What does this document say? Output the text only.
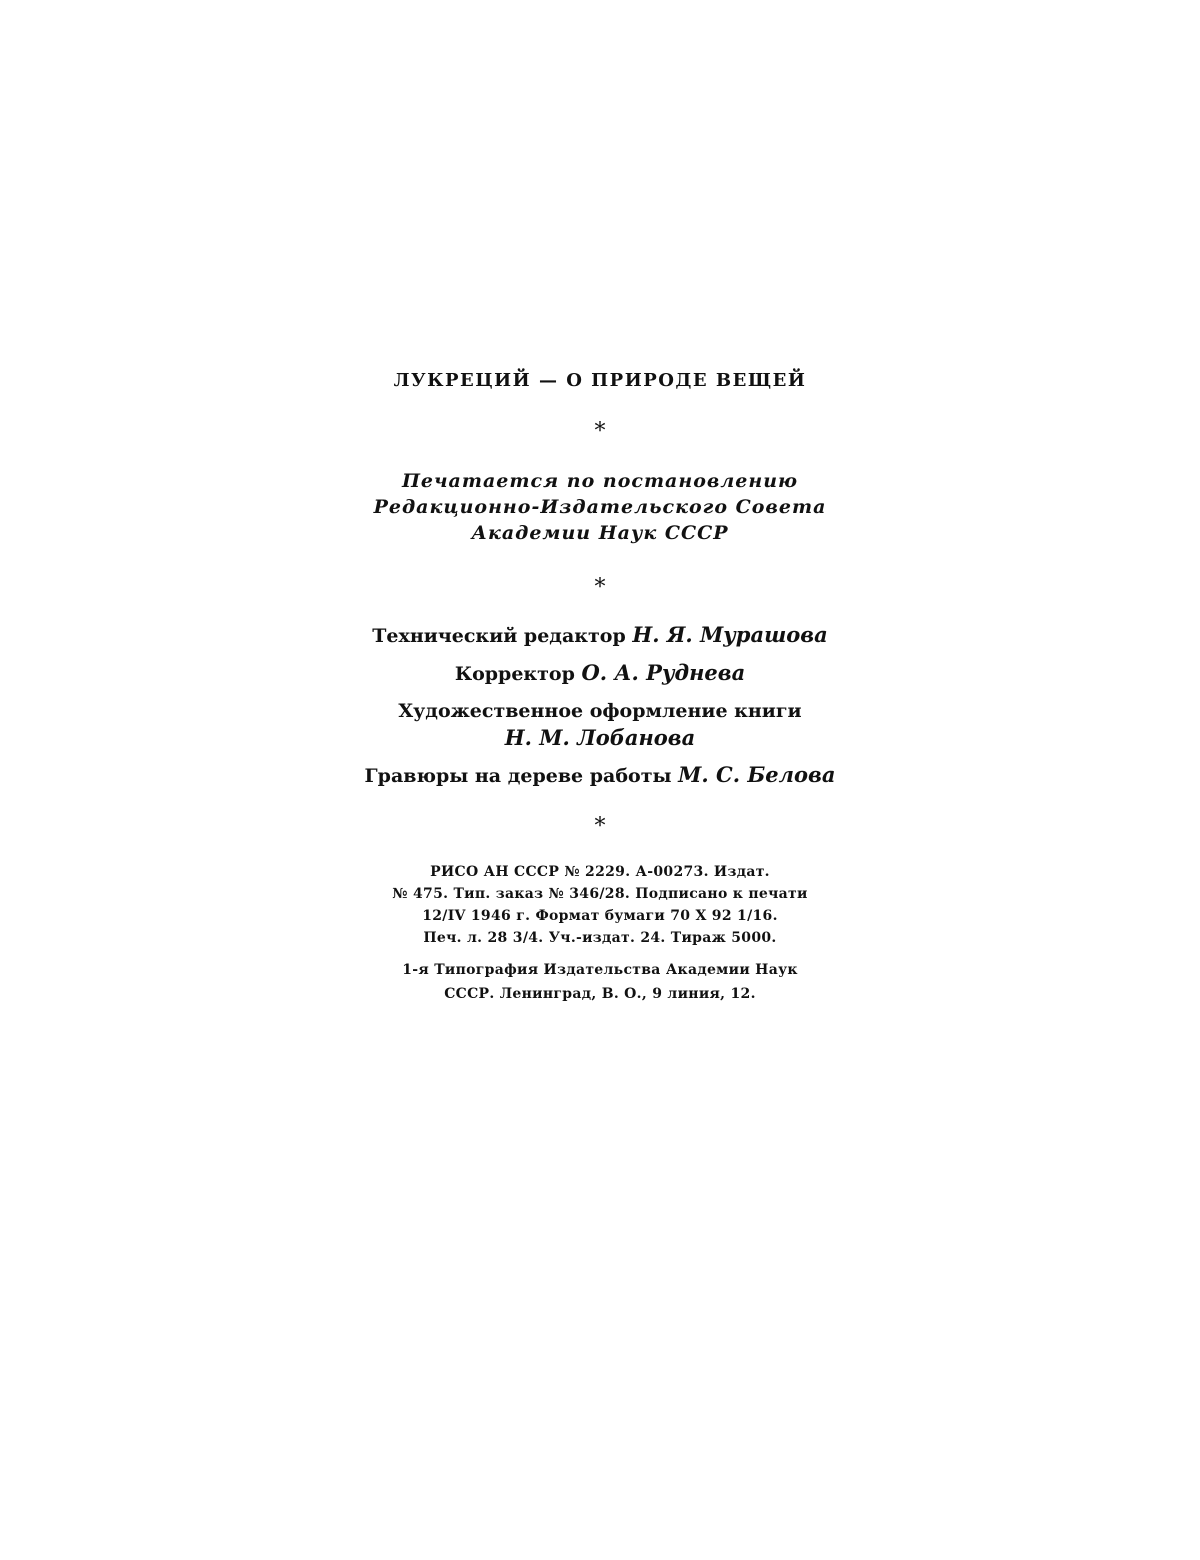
ЛУКРЕЦИЙ — О ПРИРОДЕ ВЕЩЕЙ
*
Печатается по постановлению
Редакционно-Издательского Совета
Академии Наук СССР
*
Технический редактор Н. Я. Мурашова
Корректор О. А. Руднева
Художественное оформление книги
Н. М. Лобанова
Гравюры на дереве работы М. С. Белова
*
РИСО АН СССР № 2229. А-00273. Издат.
№ 475. Тип. заказ № 346/28. Подписано к печати
12/IV 1946 г. Формат бумаги 70 Х 92 1/16.
Печ. л. 28 3/4. Уч.-издат. 24. Тираж 5000.
1-я Типография Издательства Академии Наук
СССР. Ленинград, В. О., 9 линия, 12.
